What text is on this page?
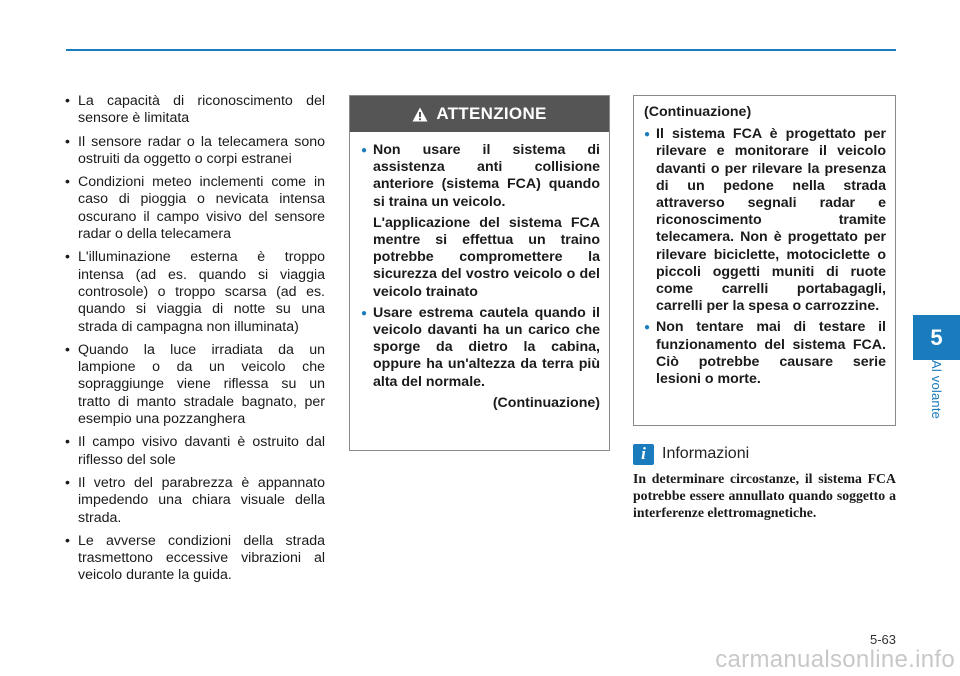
5
Al volante
• La capacità di riconoscimento del sensore è limitata
• Il sensore radar o la telecamera sono ostruiti da oggetto o corpi estranei
• Condizioni meteo inclementi come in caso di pioggia o nevicata intensa oscurano il campo visivo del sensore radar o della telecamera
• L'illuminazione esterna è troppo intensa (ad es. quando si viaggia controsole) o troppo scarsa (ad es. quando si viaggia di notte su una strada di campagna non illuminata)
• Quando la luce irradiata da un lampione o da un veicolo che sopraggiunge viene riflessa su un tratto di manto stradale bagnato, per esempio una pozzanghera
• Il campo visivo davanti è ostruito dal riflesso del sole
• Il vetro del parabrezza è appannato impedendo una chiara visuale della strada.
• Le avverse condizioni della strada trasmettono eccessive vibrazioni al veicolo durante la guida.
ATTENZIONE

● Non usare il sistema di assistenza anti collisione anteriore (sistema FCA) quando si traina un veicolo.

L'applicazione del sistema FCA mentre si effettua un traino potrebbe compromettere la sicurezza del vostro veicolo o del veicolo trainato

● Usare estrema cautela quando il veicolo davanti ha un carico che sporge da dietro la cabina, oppure ha un'altezza da terra più alta del normale.

(Continuazione)

(Continuazione)

● Il sistema FCA è progettato per rilevare e monitorare il veicolo davanti o per rilevare la presenza di un pedone nella strada attraverso segnali radar e riconoscimento tramite telecamera. Non è progettato per rilevare biciclette, motociclette o piccoli oggetti muniti di ruote come carrelli portabagagli, carrelli per la spesa o carrozzine.

● Non tentare mai di testare il funzionamento del sistema FCA. Ciò potrebbe causare serie lesioni o morte.

i	Informazioni
In determinare circostanze, il sistema FCA potrebbe essere annullato quando soggetto a interferenze elettromagnetiche.
5-63
carmanualsonline.info
